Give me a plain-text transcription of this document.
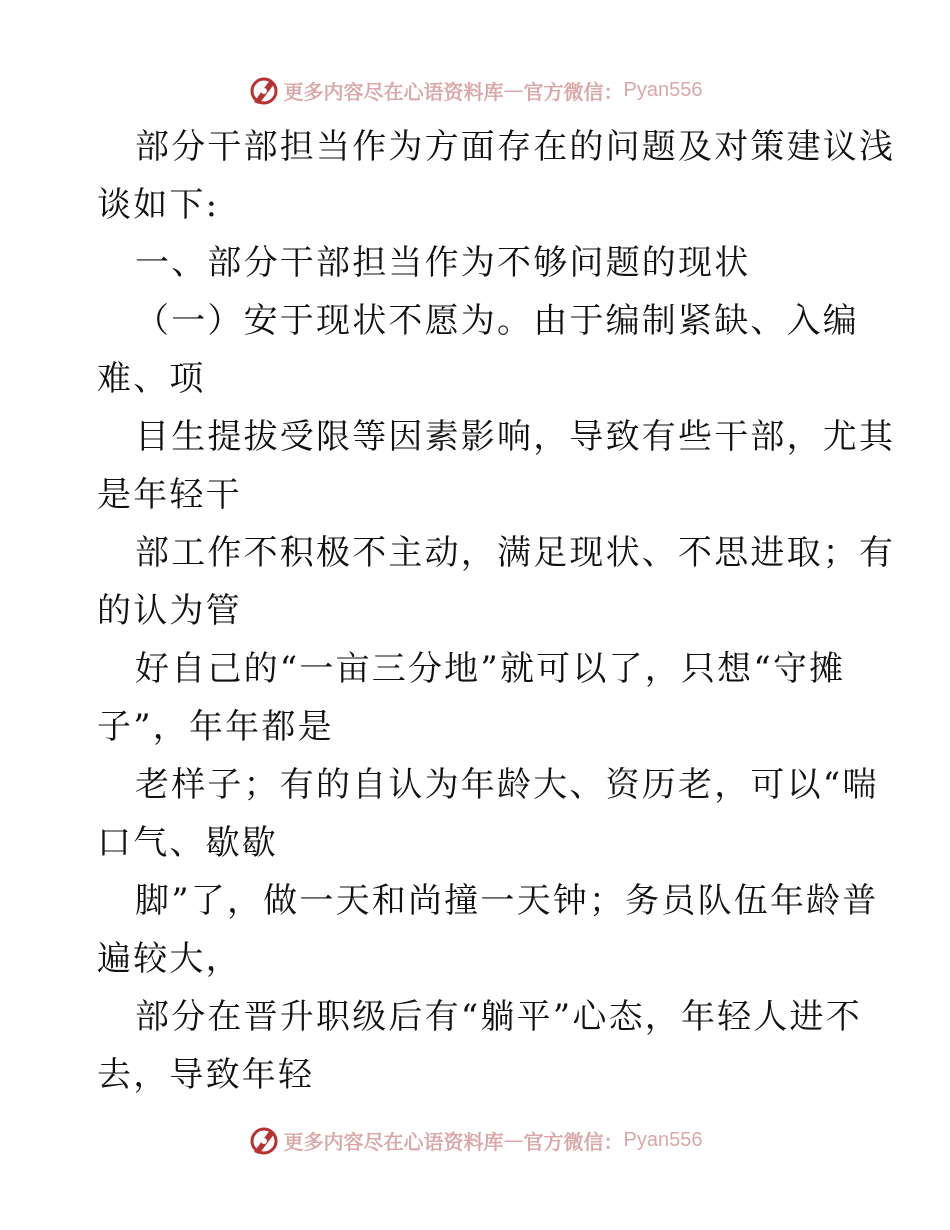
更多内容尽在心语资料库 — 官方微信： Pyan556
部分干部担当作为方面存在的问题及对策建议浅
谈如下:
一、部分干部担当作为不够问题的现状
（一）安于现状不愿为。由于编制紧缺、入编
难、项
目生提拔受限等因素影响，导致有些干部，尤其
是年轻干
部工作不积极不主动，满足现状、不思进取；有
的认为管
好自己的“一亩三分地”就可以了，只想“守摊
子”，年年都是
老样子；有的自认为年龄大、资历老，可以“喘
口气、歇歇
脚”了，做一天和尚撞一天钟；务员队伍年龄普
遍较大，
部分在晋升职级后有“躺平”心态，年轻人进不
去，导致年轻
更多内容尽在心语资料库 — 官方微信： Pyan556
